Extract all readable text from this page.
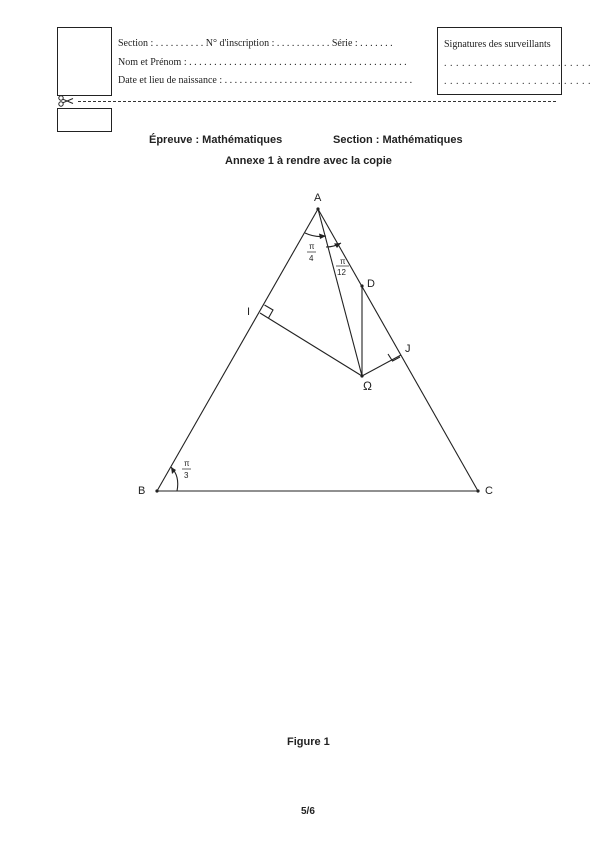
Section : . . . . . . . . . . N° d'inscription : . . . . . . . . . . . Série : . . . . . . .
Nom et Prénom : . . . . . . . . . . . . . . . . . . . . . . . . . . . . . . . . . . . . . . . . . . . .
Date et lieu de naissance : . . . . . . . . . . . . . . . . . . . . . . . . . . . . . . . . . . . . . .
Signatures des surveillants
. . . . . . . . . . . . . . . . . . . . . . . . .
. . . . . . . . . . . . . . . . . . . . . . . . .
Épreuve : Mathématiques	Section : Mathématiques
Annexe 1 à rendre avec la copie
A
B	C
D
I
J
Ω
π
4	π
12
π
3
Figure 1
5/6
